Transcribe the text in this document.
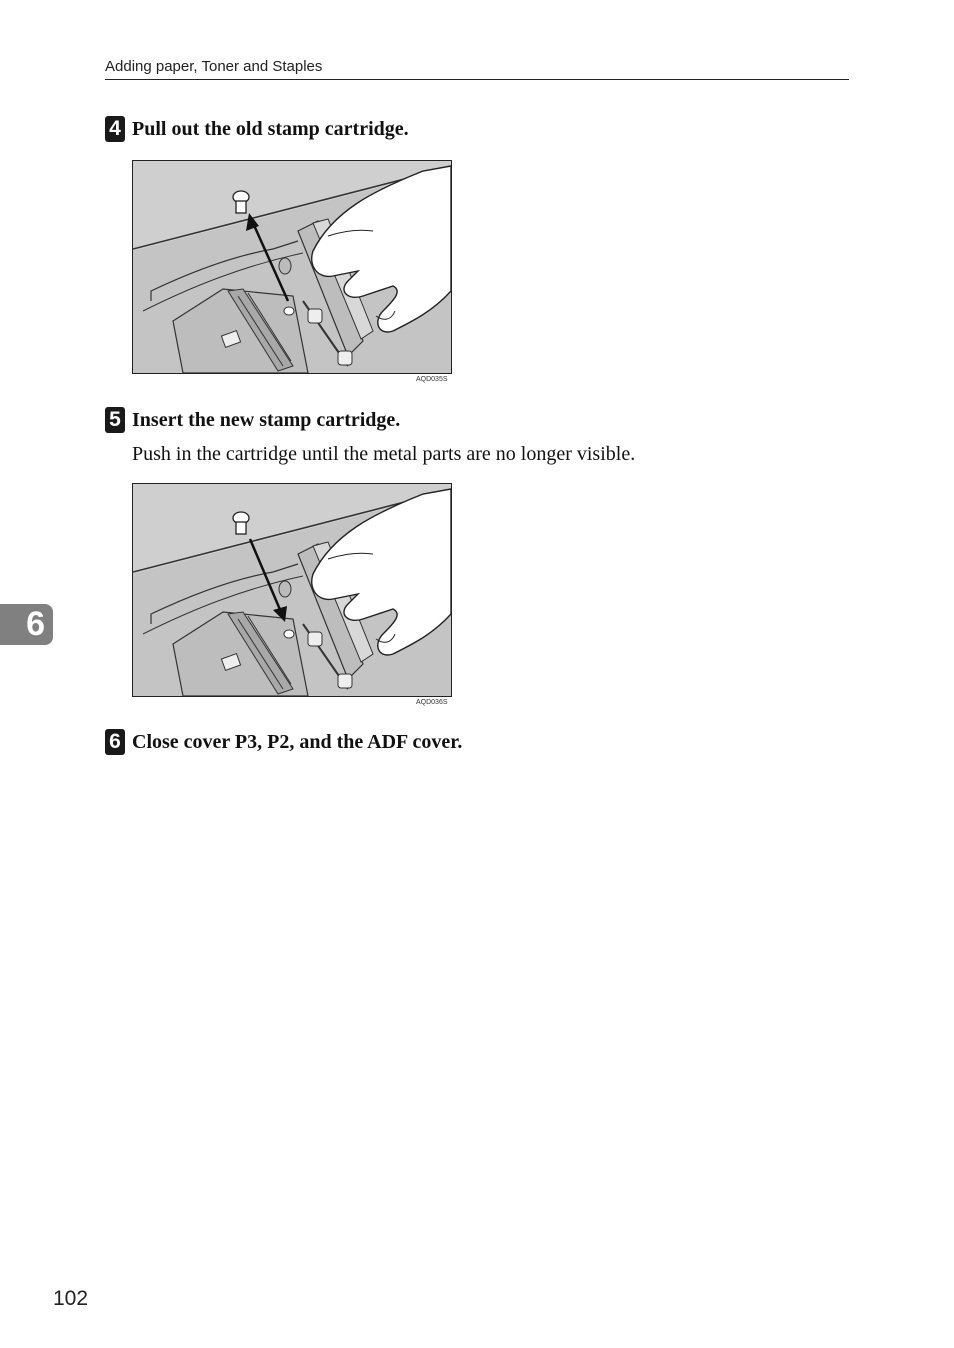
Adding paper, Toner and Staples
4 Pull out the old stamp cartridge.
AQD035S
5 Insert the new stamp cartridge.
Push in the cartridge until the metal parts are no longer visible.
AQD036S
6 Close cover P3, P2, and the ADF cover.
6
102
